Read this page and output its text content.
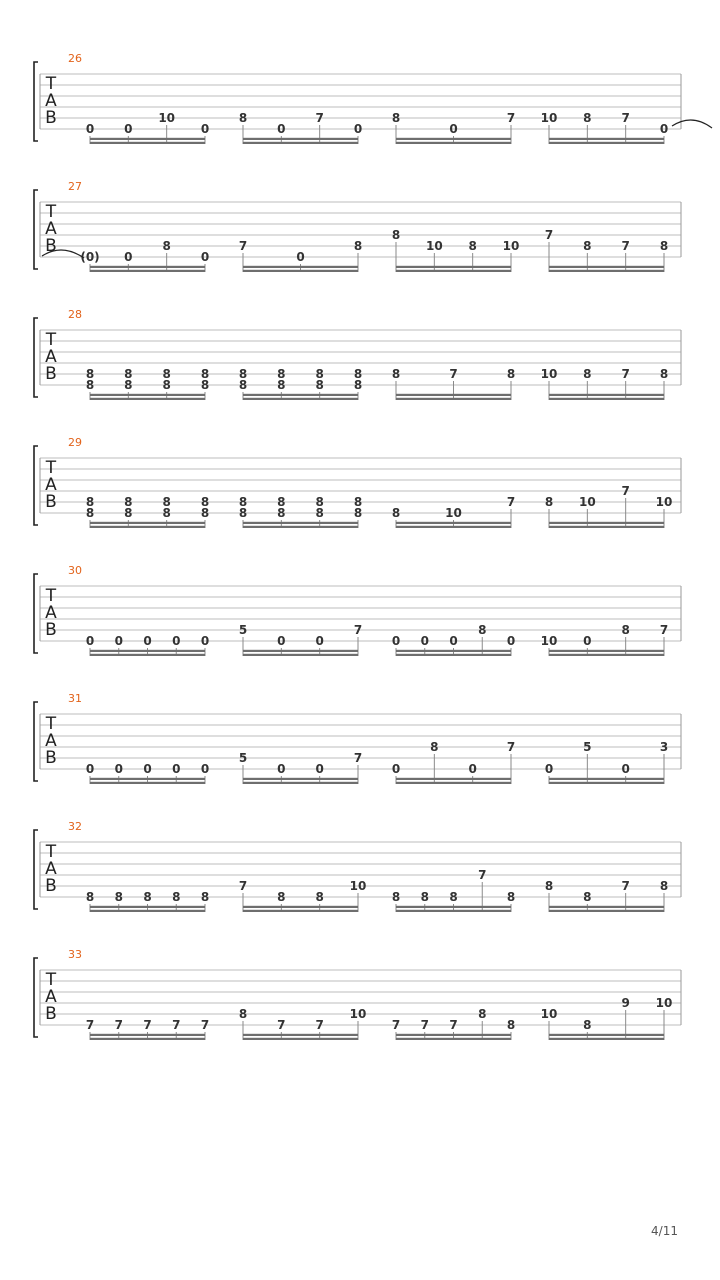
T
A
B
26
0 0
10
0
8
0
7
0
8
0
7 10 8 7
0
T
A
B
27
(0) 0
8
0
7
0
8
8
10 8 10
7
8 7 8
T
A
B
28
8
8
8
8
8
8
8
8
8
8
8
8
8
8
8
8
8	7	8 10 8 7 8
T
A
B
29
8
8
8
8
8
8
8
8
8
8
8
8
8
8
8
8 8	10
7 8 10
7
10
T
A
B
30
0 0 0 0 0
5
0 0
7
0 0 0
8
0 10 0
8 7
T
A
B
31
0 0 0 0 0
5
0 0
7
0
8
0
7
0
5
0
3
T
A
B
32
8 8 8 8 8
7
8 8
10
8 8 8
7
8
8
8
7 8
T
A
B
33
7 7 7 7 7
8
7 7
10
7 7 7
8
8
10
8
9 10
4/11
